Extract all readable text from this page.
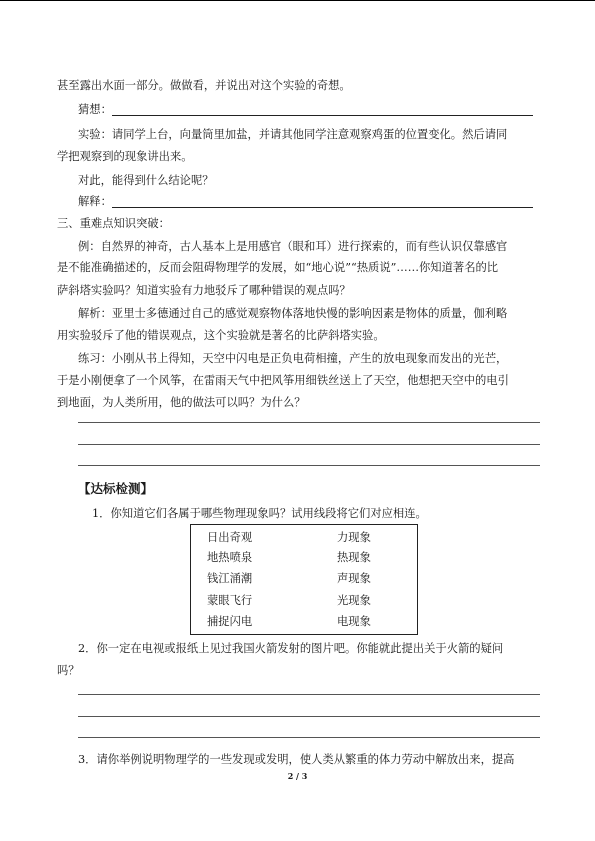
甚至露出水面一部分。做做看，并说出对这个实验的奇想。
猜想：
实验：请同学上台，向量筒里加盐，并请其他同学注意观察鸡蛋的位置变化。然后请同
学把观察到的现象讲出来。
对此，能得到什么结论呢？
解释：
三、重难点知识突破：
例：自然界的神奇，古人基本上是用感官（眼和耳）进行探索的，而有些认识仅靠感官
是不能准确描述的，反而会阻碍物理学的发展，如“地心说”“热质说”……你知道著名的比
萨斜塔实验吗？知道实验有力地驳斥了哪种错误的观点吗？
解析：亚里士多德通过自己的感觉观察物体落地快慢的影响因素是物体的质量，伽利略
用实验驳斥了他的错误观点，这个实验就是著名的比萨斜塔实验。
练习：小刚从书上得知，天空中闪电是正负电荷相撞，产生的放电现象而发出的光芒，
于是小刚便拿了一个风筝，在雷雨天气中把风筝用细铁丝送上了天空，他想把天空中的电引
到地面，为人类所用，他的做法可以吗？为什么？
【达标检测】
1．你知道它们各属于哪些物理现象吗？试用线段将它们对应相连。
日出奇观
地热喷泉
钱江涌潮
蒙眼飞行
捕捉闪电
力现象
热现象
声现象
光现象
电现象
2．你一定在电视或报纸上见过我国火箭发射的图片吧。你能就此提出关于火箭的疑问
吗？
3．请你举例说明物理学的一些发现或发明，使人类从繁重的体力劳动中解放出来，提高
2 / 3
